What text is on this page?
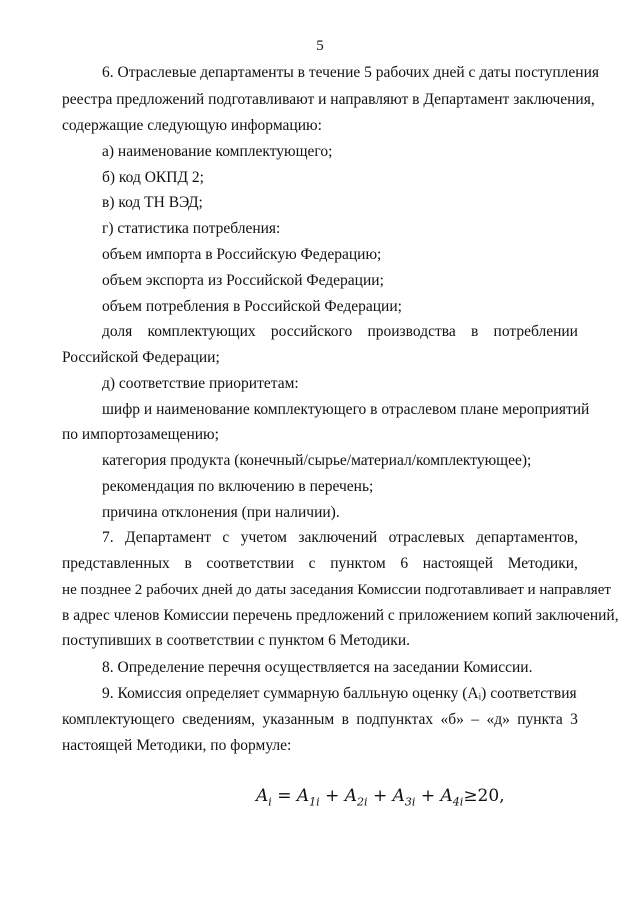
5
6. Отраслевые департаменты в течение 5 рабочих дней с даты поступления
реестра предложений подготавливают и направляют в Департамент заключения,
содержащие следующую информацию:
а) наименование комплектующего;
б) код ОКПД 2;
в) код ТН ВЭД;
г) статистика потребления:
объем импорта в Российскую Федерацию;
объем экспорта из Российской Федерации;
объем потребления в Российской Федерации;
доля комплектующих российского производства в потреблении
Российской Федерации;
д) соответствие приоритетам:
шифр и наименование комплектующего в отраслевом плане мероприятий
по импортозамещению;
категория продукта (конечный/сырье/материал/комплектующее);
рекомендация по включению в перечень;
причина отклонения (при наличии).
7. Департамент с учетом заключений отраслевых департаментов,
представленных в соответствии с пунктом 6 настоящей Методики,
не позднее 2 рабочих дней до даты заседания Комиссии подготавливает и направляет
в адрес членов Комиссии перечень предложений с приложением копий заключений,
поступивших в соответствии с пунктом 6 Методики.
8. Определение перечня осуществляется на заседании Комиссии.
9. Комиссия определяет суммарную балльную оценку (Aᵢ) соответствия
комплектующего сведениям, указанным в подпунктах «б» – «д» пункта 3
настоящей Методики, по формуле:
$A_i = A_{1i} + A_{2i} + A_{3i} + A_{4i}\ge 20$,
